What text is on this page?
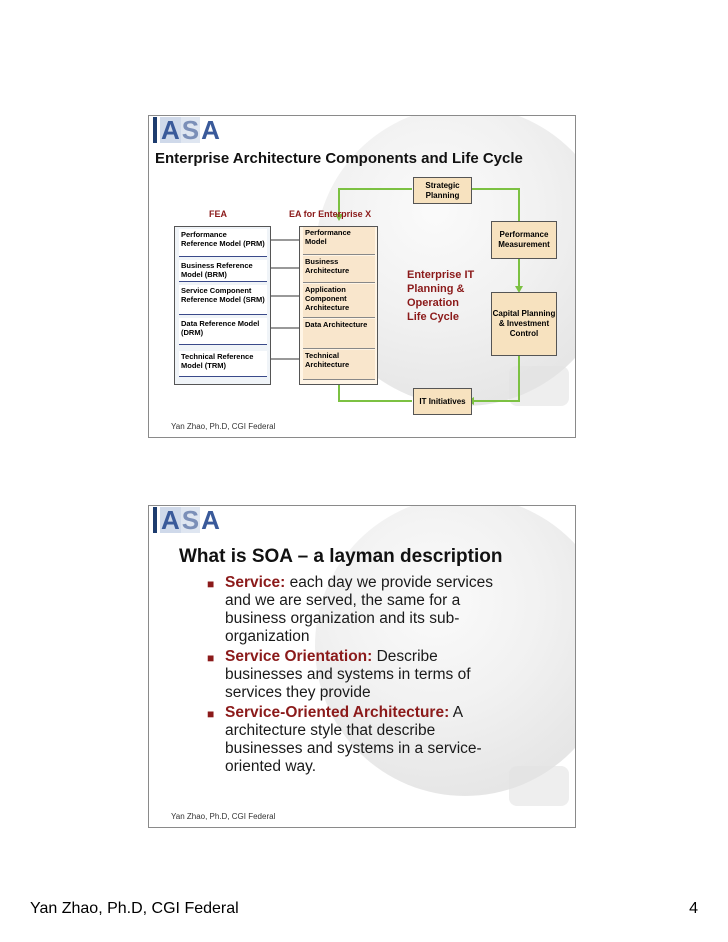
A S A
Enterprise Architecture Components and Life Cycle
FEA	EA for Enterprise X
Performance Reference Model (PRM)
Business Reference Model (BRM)
Service Component Reference Model (SRM)
Data Reference Model (DRM)
Technical Reference Model (TRM)
Performance Model
Business Architecture
Application Component Architecture
Data Architecture
Technical Architecture
Strategic Planning
Performance Measurement
Enterprise IT Planning & Operation Life Cycle	Capital Planning & Investment Control
IT Initiatives
Yan Zhao, Ph.D, CGI Federal
A S A
What is SOA – a layman description
■ Service: each day we provide services and we are served, the same for a business organization and its sub-organization
■ Service Orientation: Describe businesses and systems in terms of services they provide
■ Service-Oriented Architecture: A architecture style that describe businesses and systems in a service-oriented way.
Yan Zhao, Ph.D, CGI Federal
Yan Zhao, Ph.D, CGI Federal	4
